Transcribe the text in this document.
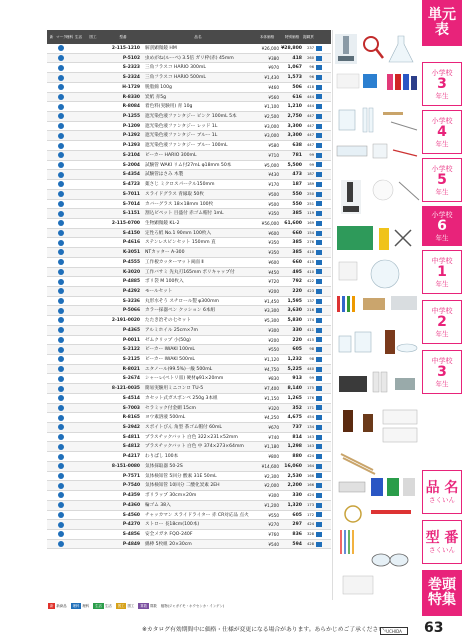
新 マーク 理科 生活	図工	型番	品名	本体価格	特別価格	掲載頁
2-115-1210	解剖顕微鏡 HM	¥26,000 ¥28,800	237
P-5102	虫めがね(ルーペ) 3.5倍 ガリ枠(赤) 45mm	¥380	418	260
S-2323	三角フラスコ HARIO 300mL	¥970	1,067	96
S-2324	三角フラスコ HARIO 500mL	¥1,430	1,573	96
H-1729	脱脂綿 100g	¥460	506	418
R-8330	炭紙 赤5g	¥560	616	444
R-8084	着色料(実験用) 青 10g	¥1,100	1,210	444
P-1255	遮光染色液ファンタジー ピンク 100mL 5本	¥2,500	2,750	447
P-1209	遮光染色液ファンタジー レッド 1L	¥3,000	3,300	447
P-1292	遮光染色液ファンタジー ブルー 1L	¥3,000	3,300	447
P-1293	遮光染色液ファンタジー ブルー 100mL	¥580	638	447
S-2104	ビーカー HARIO 300mL	¥710	781	99
S-2004	試験管 WAKI リム付27mL φ18mm 50本	¥5,000	5,500	99
S-4354	試験管はさみ 木製	¥430	473	187
S-4723	薬さじ ミクロスパーテル150mm	¥170	187	189
S-7011	スライドグラス 青縁取 50枚	¥500	550	250
S-7014	カバーグラス 18×18mm 100枚	¥500	550	251
S-1151	割込ビペット 目盛付 赤ゴム帽付 1mL	¥350	385	119
2-115-0700	生物顕微鏡 KL-2	¥56,000	61,600	169
S-4150	定性ろ紙 No.1 90mm 100枚入	¥600	660	154
P-4616	ステンレスピンセット 150mm 直	¥350	385	276
K-3051	NTカッター A-300	¥350	385	410
P-4555	工作板カッターマット両面 Ⅱ	¥600	660	415
K-3020	工作バサミ 先丸刃165mm ポリキャップ付	¥450	495	410
P-4885	ボリ袋 M 100枚入	¥720	792	422
P-4292	モールセット	¥200	220	423
S-3236	丸形水そう スチロール製 φ300mm	¥1,450	1,595	137
P-5066	カラー採器ペン クッション 6本組	¥3,300	3,630	216
2-191-0020	たたき治その七セット	¥5,300	5,830	174
P-4365	アルミホイル 25cm×7m	¥300	330	411
P-0011	ゼムクリップ 小(50g)	¥200	220	415
S-2122	ビーカー IWAKI 100mL	¥550	605	98
S-2125	ビーカー IWAKI 500mL	¥1,120	1,232	98
R-8021	エタノール(99.5%)一級 500mL	¥4,750	5,225	440
S-2674	シャーレ(ペトリ皿) 硬材φ91×20mm	¥830	913	99
8-121-0035	簡易実験用ミニコンロ TU-5	¥7,400	8,140	175
S-4514	カセット式ガスボンベ 250g 3本組	¥1,150	1,265	176
S-7003	セラミック付金網 15cm	¥320	352	171
R-8165	ヨウ素溶液 500mL	¥4,250	4,675	454
S-2942	スポイトびん 角型 茶ゴム帽付 60mL	¥670	737	134
S-4811	プラスチックバット 白色 322×231×52mm	¥740	814	143
S-4812	プラスチックバット 白色 中 374×273×64mm	¥1,180	1,298	143
P-4217	わりばし 100本	¥800	880	424
8-151-0080	気体採取器 50-2S	¥14,600	16,060	164
P-7571	気体検知管 5回分 酸素 31E 50mL	¥2,300	2,530	166
P-7540	気体検知管 10回分 二酸化炭素 2EH	¥2,000	2,200	166
P-4359	ポリラップ 30cm×20m	¥300	330	424
P-4360	輪ゴム 38入	¥1,200	1,320	173
S-4560	チャッカマン スライドライター 赤 CR対応品 点火	¥550	605	172
P-4270	ストロー 長18cm(100本)	¥270	297	424
S-4856	安全メガネ FQO-240F	¥760	836	328
P-4849	綿棒 5枚組 20×30cm	¥540	594	428
単元表
小学校
3
年生
小学校
4
年生
小学校
5
年生
小学校
6
年生
中学校
1
年生
中学校
2
年生
中学校
3
年生
品 名
さくいん
型 番
さくいん
巻頭特集
新 新商品	理科 理科	生活 生活	図工 図工	算数 算数 植物(ジャガイモ・ホウセンカ・インゲン)
※カタログ有効期間中に価格・仕様が変更になる場合があります。あらかじめご了承ください。
UCHIDA	63
